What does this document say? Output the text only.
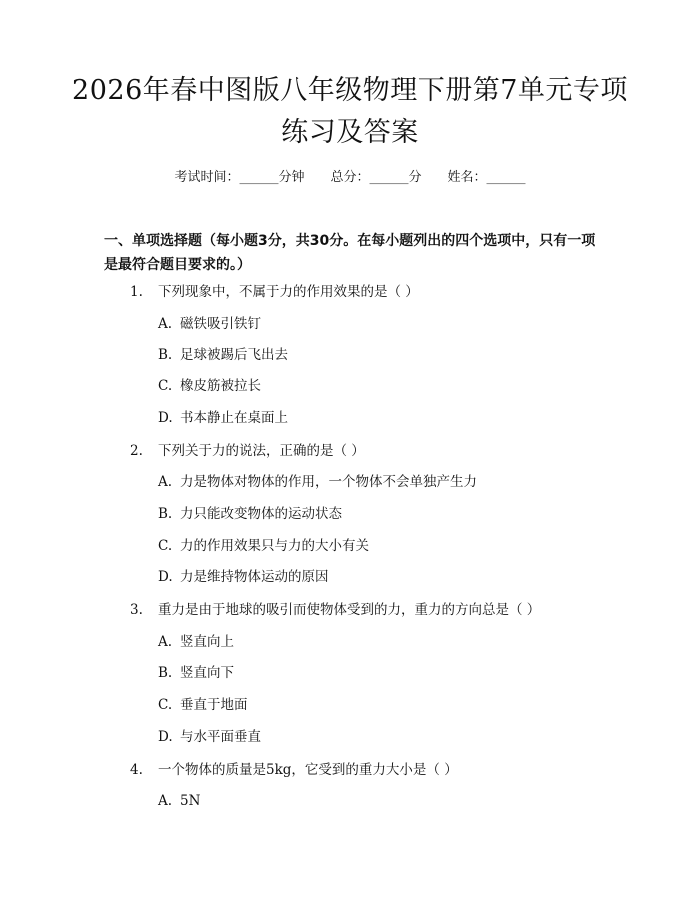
2026年春中图版八年级物理下册第7单元专项练习及答案
考试时间：______分钟 总分：______分 姓名：______
一、单项选择题（每小题3分，共30分。在每小题列出的四个选项中，只有一项是最符合题目要求的。）
1. 下列现象中，不属于力的作用效果的是（ ）
A. 磁铁吸引铁钉
B. 足球被踢后飞出去
C. 橡皮筋被拉长
D. 书本静止在桌面上
2. 下列关于力的说法，正确的是（ ）
A. 力是物体对物体的作用，一个物体不会单独产生力
B. 力只能改变物体的运动状态
C. 力的作用效果只与力的大小有关
D. 力是维持物体运动的原因
3. 重力是由于地球的吸引而使物体受到的力，重力的方向总是（ ）
A. 竖直向上
B. 竖直向下
C. 垂直于地面
D. 与水平面垂直
4. 一个物体的质量是5kg，它受到的重力大小是（ ）
A. 5N
